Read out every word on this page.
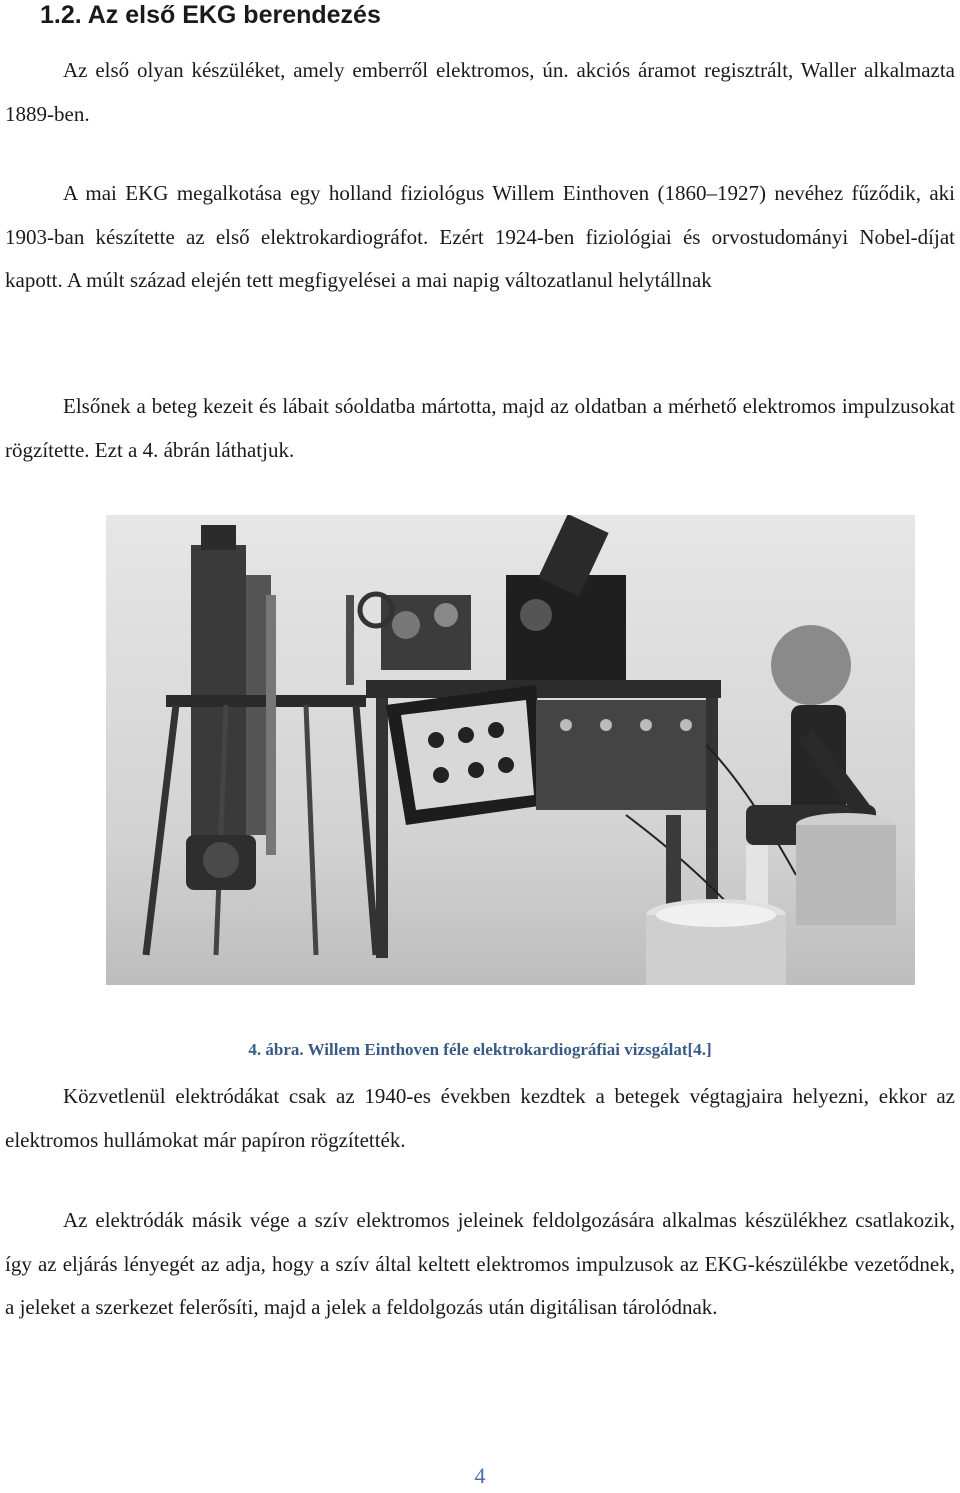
1.2. Az első EKG berendezés

Az első olyan készüléket, amely emberről elektromos, ún. akciós áramot regisztrált, Waller alkalmazta 1889-ben.

A mai EKG megalkotása egy holland fiziológus Willem Einthoven (1860–1927) nevéhez fűződik, aki 1903-ban készítette az első elektrokardiográfot. Ezért 1924-ben fiziológiai és orvostudományi Nobel-díjat kapott. A múlt század elején tett megfigyelései a mai napig változatlanul helytállnak

Elsőnek a beteg kezeit és lábait sóoldatba mártotta, majd az oldatban a mérhető elektromos impulzusokat rögzítette. Ezt a 4. ábrán láthatjuk.

4. ábra. Willem Einthoven féle elektrokardiográfiai vizsgálat[4.]

Közvetlenül elektródákat csak az 1940-es években kezdtek a betegek végtagjaira helyezni, ekkor az elektromos hullámokat már papíron rögzítették.

Az elektródák másik vége a szív elektromos jeleinek feldolgozására alkalmas készülékhez csatlakozik, így az eljárás lényegét az adja, hogy a szív által keltett elektromos impulzusok az EKG-készülékbe vezetődnek, a jeleket a szerkezet felerősíti, majd a jelek a feldolgozás után digitálisan tárolódnak.

4
